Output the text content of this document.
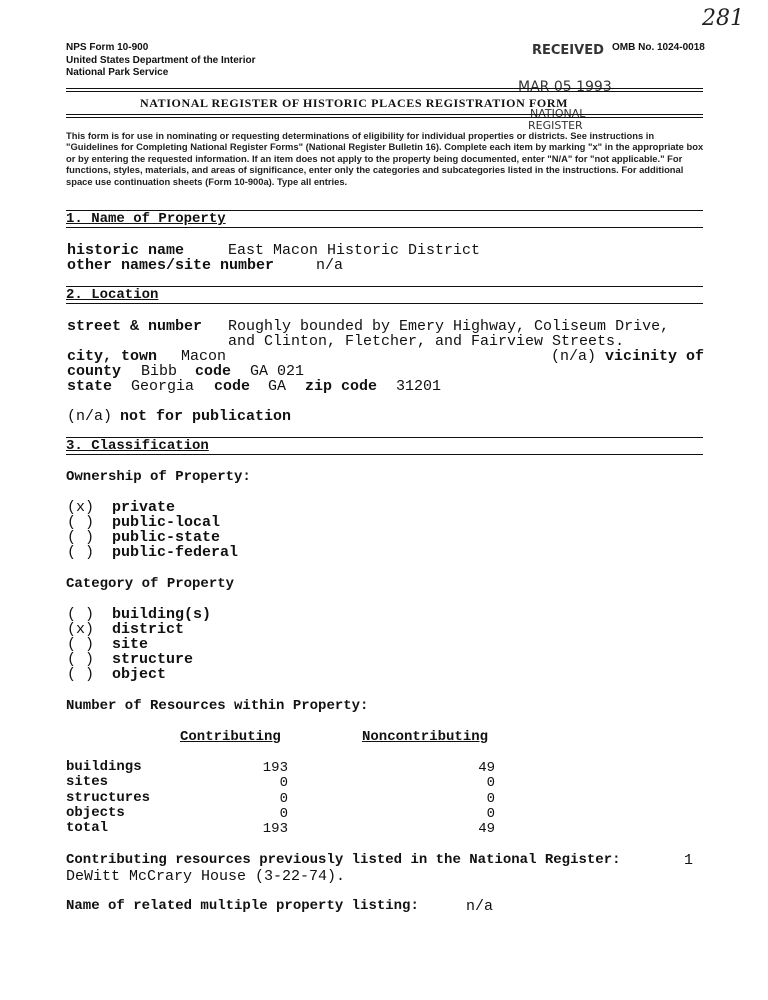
281
NPS Form 10-900
United States Department of the Interior
National Park Service
OMB No. 1024-0018
RECEIVED
MAR 05 1993
NATIONAL
NATIONAL REGISTER OF HISTORIC PLACES REGISTRATION FORM
REGISTER
This form is for use in nominating or requesting determinations of eligibility for individual properties or districts. See instructions in "Guidelines for Completing National Register Forms" (National Register Bulletin 16). Complete each item by marking "x" in the appropriate box or by entering the requested information. If an item does not apply to the property being documented, enter "N/A" for "not applicable." For functions, styles, materials, and areas of significance, enter only the categories and subcategories listed in the instructions. For additional space use continuation sheets (Form 10-900a). Type all entries.
1. Name of Property
historic name	East Macon Historic District
other names/site number	n/a
2. Location
street & number Roughly bounded by Emery Highway, Coliseum Drive,
and Clinton, Fletcher, and Fairview Streets.
city, town Macon	(n/a) vicinity of
county Bibb code GA 021
state Georgia code GA zip code 31201
(n/a) not for publication
3. Classification
Ownership of Property:
(x) private
( ) public-local
( ) public-state
( ) public-federal
Category of Property
( ) building(s)
(x) district
( ) site
( ) structure
( ) object
Number of Resources within Property:
Contributing	Noncontributing
buildings	193	49
sites	0	0
structures	0	0
objects	0	0
total	193	49
Contributing resources previously listed in the National Register:	1
DeWitt McCrary House (3-22-74).
Name of related multiple property listing:	n/a
